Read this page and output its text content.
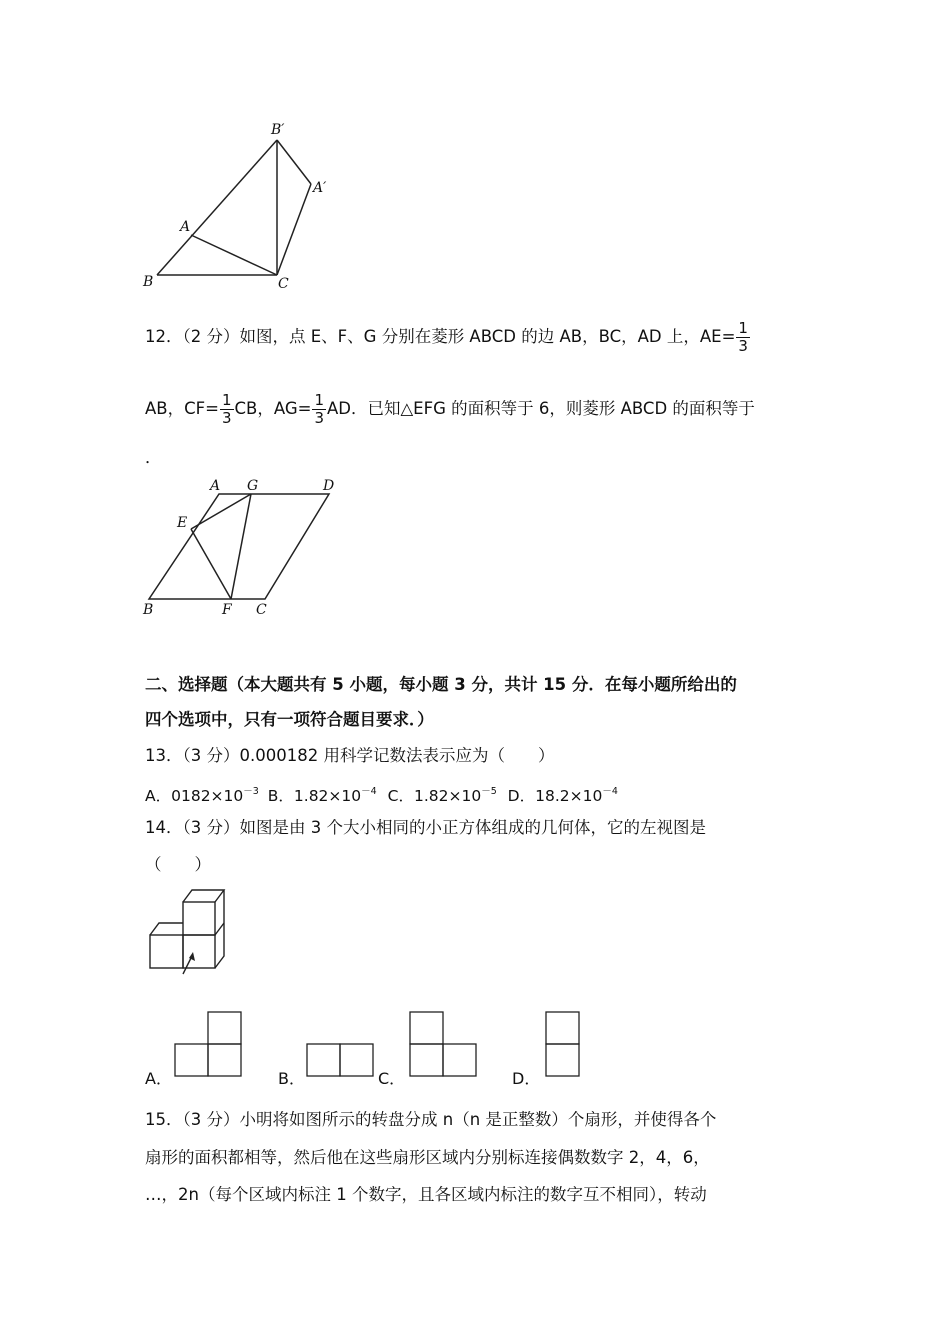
B′
A′
A
B	C
12．（2 分）如图，点 E、F、G 分别在菱形 ABCD 的边 AB，BC，AD 上，$AE= \frac{1}{3}$
AB，$CF= \frac{1}{3}$ CB，$AG= \frac{1}{3}$ AD．已知△EFG 的面积等于 6，则菱形 ABCD 的面积等于
．
A G	D
E
B	F C
二、选择题（本大题共有 5 小题，每小题 3 分，共计 15 分．在每小题所给出的
四个选项中，只有一项符合题目要求．）
13．（3 分）0.000182 用科学记数法表示应为（　　）
A．$0182\times 10^{-3}$ B．$1.82\times 10^{-4}$ C．$1.82\times 10^{-5}$ D．$18.2\times 10^{-4}$
14．（3 分）如图是由 3 个大小相同的小正方体组成的几何体，它的左视图是
（　　）
A．	B．	C．	D．
15．（3 分）小明将如图所示的转盘分成 n（n 是正整数）个扇形，并使得各个
扇形的面积都相等，然后他在这些扇形区域内分别标连接偶数数字 2，4，6，
…，2n（每个区域内标注 1 个数字，且各区域内标注的数字互不相同），转动
